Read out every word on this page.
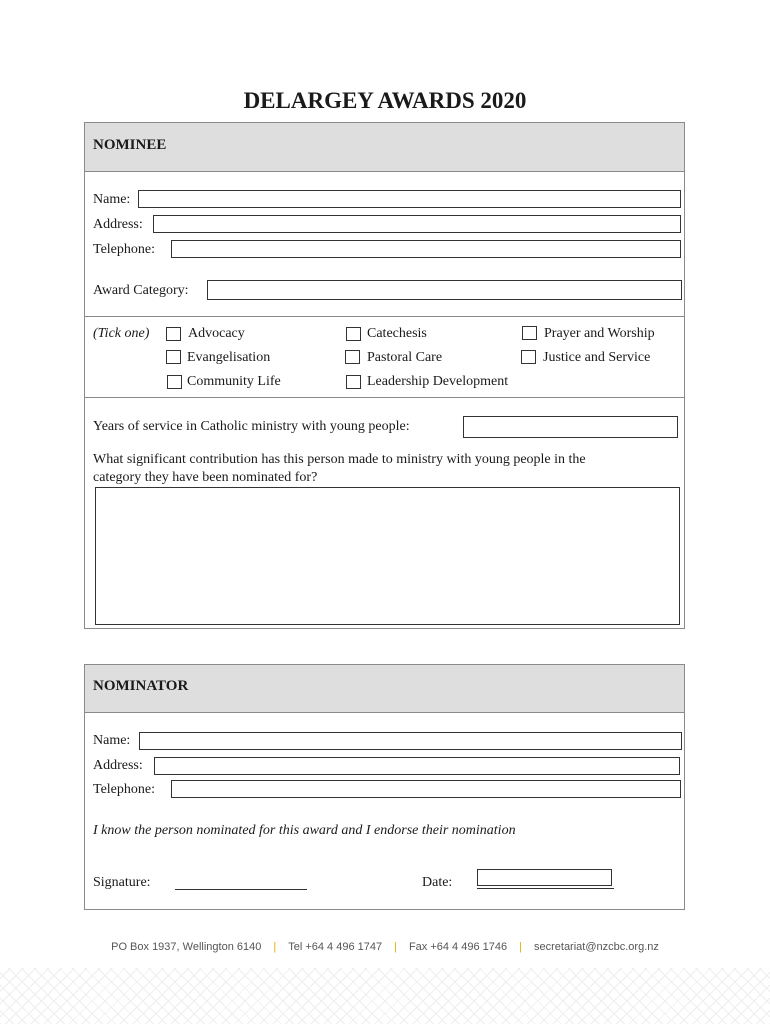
DELARGEY AWARDS 2020
NOMINEE
Name:
Address:
Telephone:
Award Category:
(Tick one)	Advocacy
Evangelisation
Community Life
Catechesis
Pastoral Care
Leadership Development
Prayer and Worship
Justice and Service
Years of service in Catholic ministry with young people:
What significant contribution has this person made to ministry with young people in the
category they have been nominated for?
NOMINATOR
Name:
Address:
Telephone:
I know the person nominated for this award and I endorse their nomination
Signature:	Date:
PO Box 1937, Wellington 6140 | Tel +64 4 496 1747 | Fax +64 4 496 1746 | secretariat@nzcbc.org.nz
